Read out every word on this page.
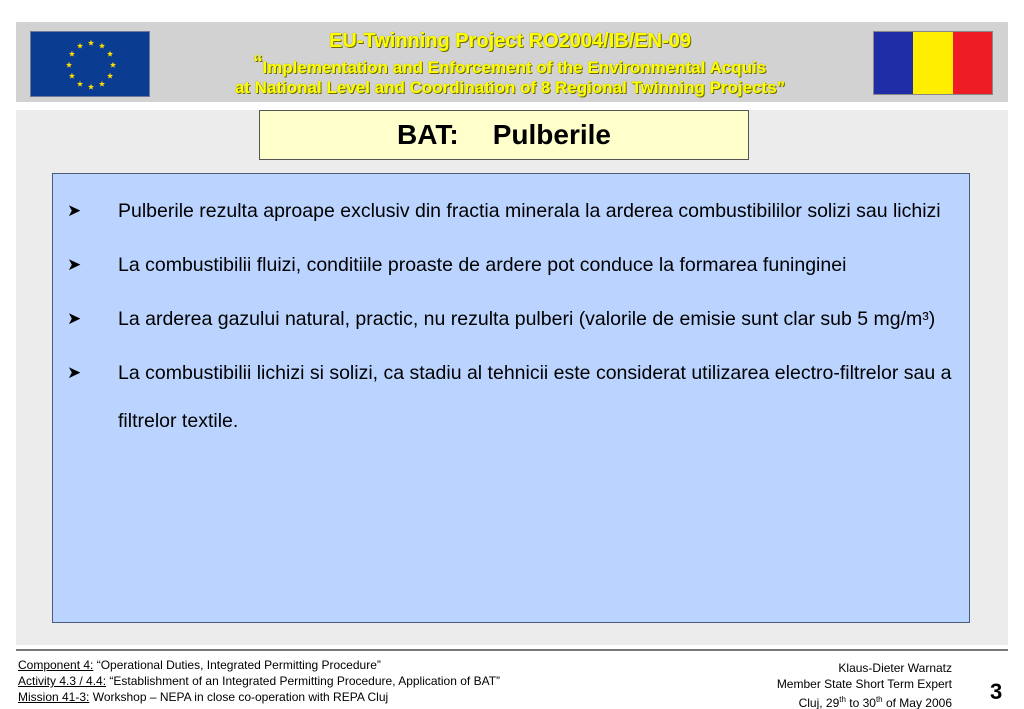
EU-Twinning Project RO2004/IB/EN-09
“Implementation and Enforcement of the Environmental Acquis
at National Level and Coordination of 8 Regional Twinning Projects”
BAT: Pulberile
➤	Pulberile rezulta aproape exclusiv din fractia minerala la arderea combustibililor solizi sau lichizi
➤	La combustibilii fluizi, conditiile proaste de ardere pot conduce la formarea funinginei
➤	La arderea gazului natural, practic, nu rezulta pulberi (valorile de emisie sunt clar sub 5 mg/m³)
➤	La combustibilii lichizi si solizi, ca stadiu al tehnicii este considerat utilizarea electro-filtrelor sau a filtrelor textile.
Component 4: “Operational Duties, Integrated Permitting Procedure”
Activity 4.3 / 4.4: “Establishment of an Integrated Permitting Procedure, Application of BAT”
Mission 41-3: Workshop – NEPA in close co-operation with REPA Cluj
Klaus-Dieter Warnatz
Member State Short Term Expert
Cluj, 29th to 30th of May 2006 3
